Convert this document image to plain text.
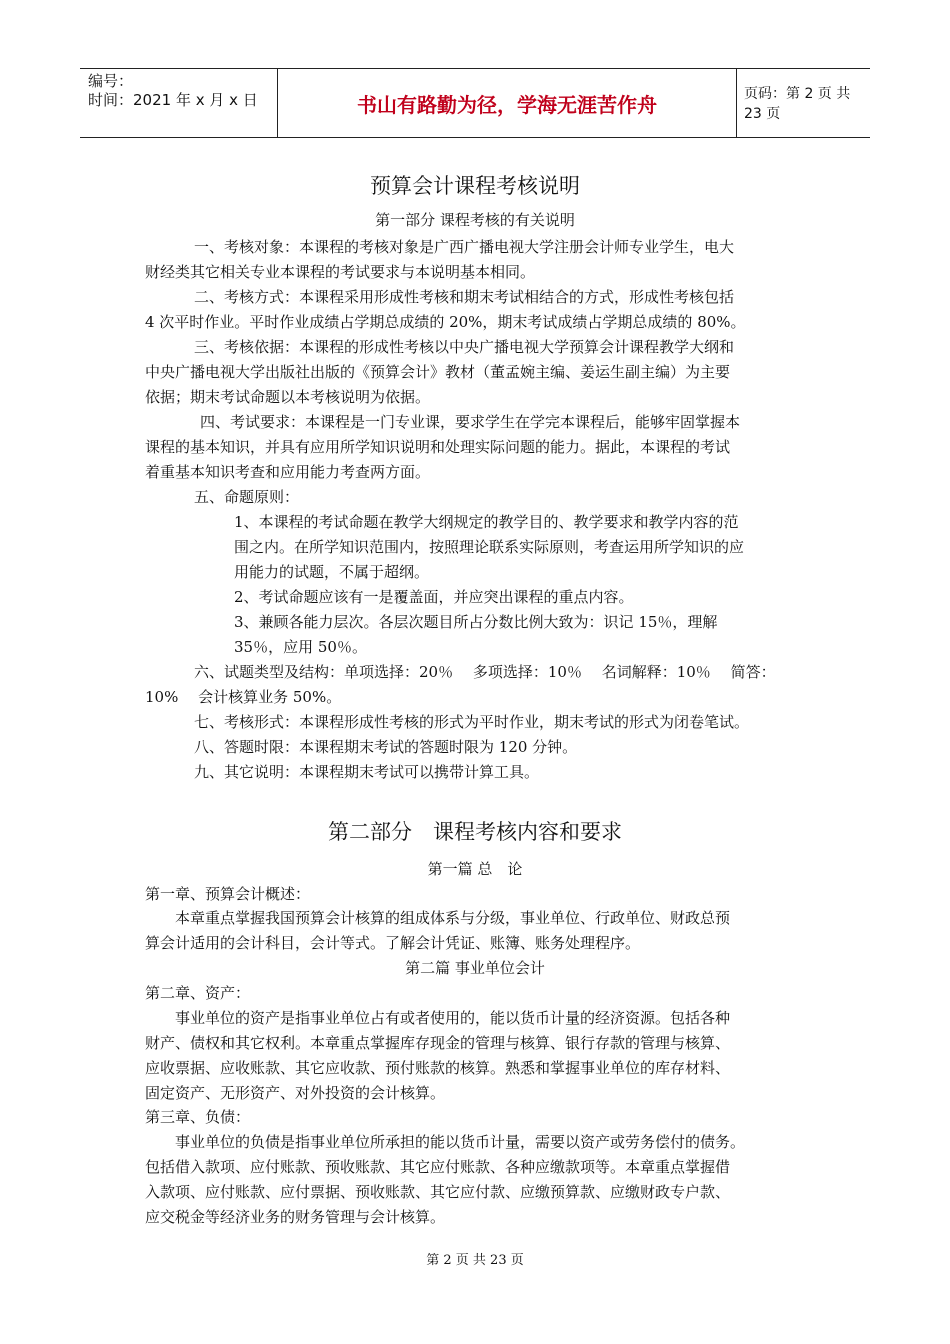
编号：
时间：2021 年 x 月 x 日	书山有路勤为径，学海无涯苦作舟	页码：第 2 页 共 23 页
预算会计课程考核说明
第一部分 课程考核的有关说明
一、考核对象：本课程的考核对象是广西广播电视大学注册会计师专业学生，电大
财经类其它相关专业本课程的考试要求与本说明基本相同。
二、考核方式：本课程采用形成性考核和期末考试相结合的方式，形成性考核包括
4 次平时作业。平时作业成绩占学期总成绩的 20%，期末考试成绩占学期总成绩的 80%。
三、考核依据：本课程的形成性考核以中央广播电视大学预算会计课程教学大纲和
中央广播电视大学出版社出版的《预算会计》教材（董孟婉主编、姜运生副主编）为主要
依据；期末考试命题以本考核说明为依据。
四、考试要求：本课程是一门专业课，要求学生在学完本课程后，能够牢固掌握本
课程的基本知识，并具有应用所学知识说明和处理实际问题的能力。据此，本课程的考试
着重基本知识考查和应用能力考查两方面。
五、命题原则：
1、本课程的考试命题在教学大纲规定的教学目的、教学要求和教学内容的范
围之内。在所学知识范围内，按照理论联系实际原则，考查运用所学知识的应
用能力的试题，不属于超纲。
2、考试命题应该有一是覆盖面，并应突出课程的重点内容。
3、兼顾各能力层次。各层次题目所占分数比例大致为：识记 15％，理解
35％，应用 50％。
六、试题类型及结构：单项选择：20％　 多项选择：10％　 名词解释：10％　 简答：
10%　 会计核算业务 50%。
七、考核形式：本课程形成性考核的形式为平时作业，期末考试的形式为闭卷笔试。
八、答题时限：本课程期末考试的答题时限为 120 分钟。
九、其它说明：本课程期末考试可以携带计算工具。
第二部分　课程考核内容和要求
第一篇 总　论
第一章、预算会计概述：
本章重点掌握我国预算会计核算的组成体系与分级，事业单位、行政单位、财政总预
算会计适用的会计科目，会计等式。了解会计凭证、账簿、账务处理程序。
第二篇 事业单位会计
第二章、资产：
事业单位的资产是指事业单位占有或者使用的，能以货币计量的经济资源。包括各种
财产、债权和其它权利。本章重点掌握库存现金的管理与核算、银行存款的管理与核算、
应收票据、应收账款、其它应收款、预付账款的核算。熟悉和掌握事业单位的库存材料、
固定资产、无形资产、对外投资的会计核算。
第三章、负债：
事业单位的负债是指事业单位所承担的能以货币计量，需要以资产或劳务偿付的债务。
包括借入款项、应付账款、预收账款、其它应付账款、各种应缴款项等。本章重点掌握借
入款项、应付账款、应付票据、预收账款、其它应付款、应缴预算款、应缴财政专户款、
应交税金等经济业务的财务管理与会计核算。
第 2 页 共 23 页
